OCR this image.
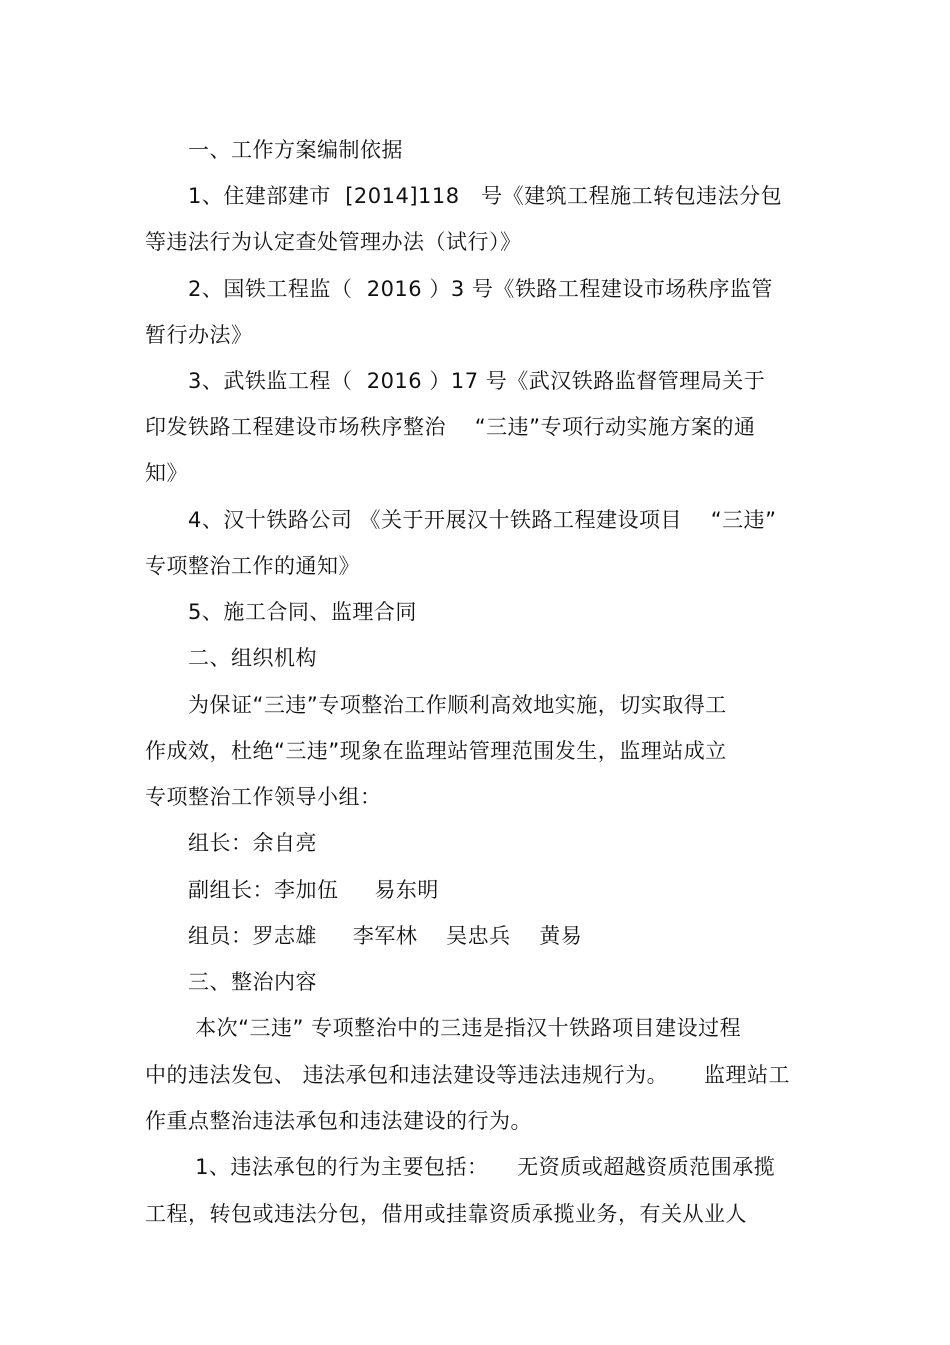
一、工作方案编制依据
1、住建部建市  [2014]118   号《建筑工程施工转包违法分包
等违法行为认定查处管理办法（试行）》
2、国铁工程监（  2016 ）3 号《铁路工程建设市场秩序监管
暂行办法》
3、武铁监工程（  2016 ）17 号《武汉铁路监督管理局关于
印发铁路工程建设市场秩序整治    “三违”专项行动实施方案的通
知》
4、汉十铁路公司 《关于开展汉十铁路工程建设项目    “三违”
专项整治工作的通知》
5、施工合同、监理合同
二、组织机构
为保证“三违”专项整治工作顺利高效地实施，切实取得工
作成效，杜绝“三违”现象在监理站管理范围发生，监理站成立
专项整治工作领导小组：
组长：余自亮
副组长：李加伍     易东明
组员：罗志雄     李军林    吴忠兵    黄易
三、整治内容
本次“三违” 专项整治中的三违是指汉十铁路项目建设过程
中的违法发包、 违法承包和违法建设等违法违规行为。     监理站工
作重点整治违法承包和违法建设的行为。
1、违法承包的行为主要包括：    无资质或超越资质范围承揽
工程，转包或违法分包，借用或挂靠资质承揽业务，有关从业人
